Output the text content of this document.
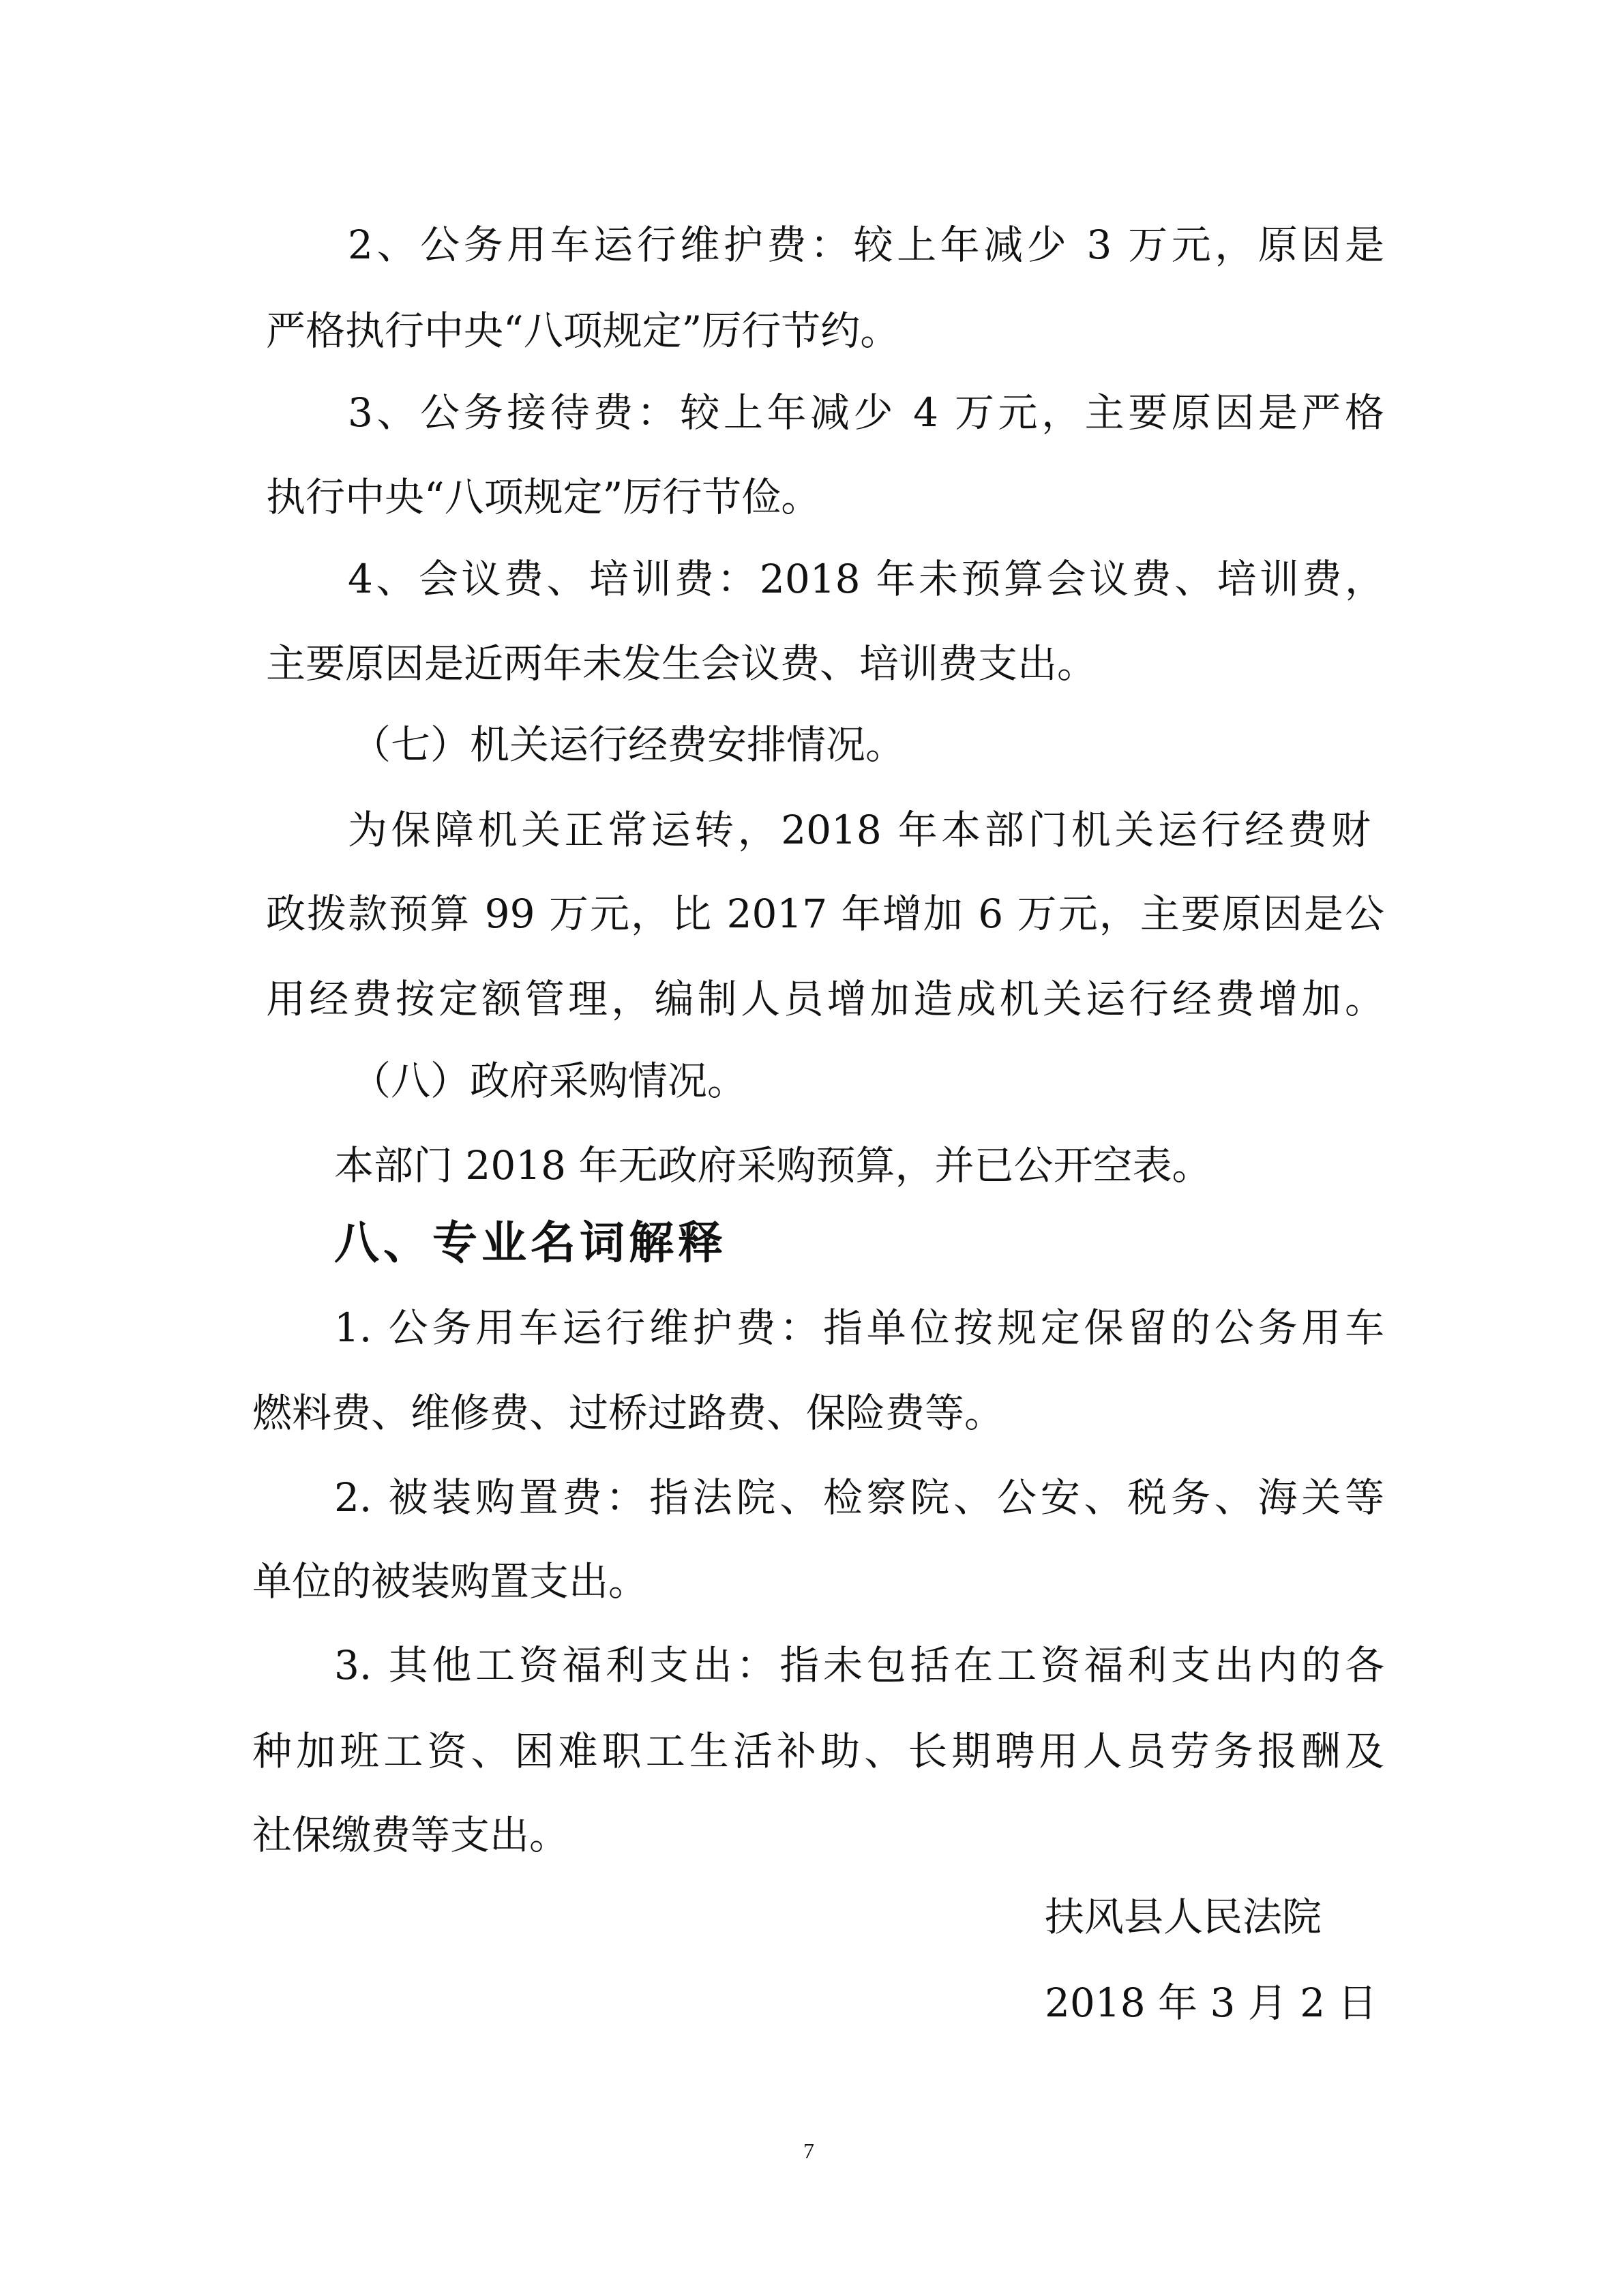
2、公务用车运行维护费：较上年减少 3 万元，原因是
严格执行中央“八项规定”厉行节约。
3、公务接待费：较上年减少 4 万元，主要原因是严格
执行中央“八项规定”厉行节俭。
4、会议费、培训费：2018 年未预算会议费、培训费，
主要原因是近两年未发生会议费、培训费支出。
（七）机关运行经费安排情况。
为保障机关正常运转，2018 年本部门机关运行经费财
政拨款预算 99 万元，比 2017 年增加 6 万元，主要原因是公
用经费按定额管理，编制人员增加造成机关运行经费增加。
（八）政府采购情况。
本部门 2018 年无政府采购预算，并已公开空表。
八、专业名词解释
1. 公务用车运行维护费：指单位按规定保留的公务用车
燃料费、维修费、过桥过路费、保险费等。
2. 被装购置费：指法院、检察院、公安、税务、海关等
单位的被装购置支出。
3. 其他工资福利支出：指未包括在工资福利支出内的各
种加班工资、困难职工生活补助、长期聘用人员劳务报酬及
社保缴费等支出。
扶风县人民法院
2018 年 3 月 2 日
7
